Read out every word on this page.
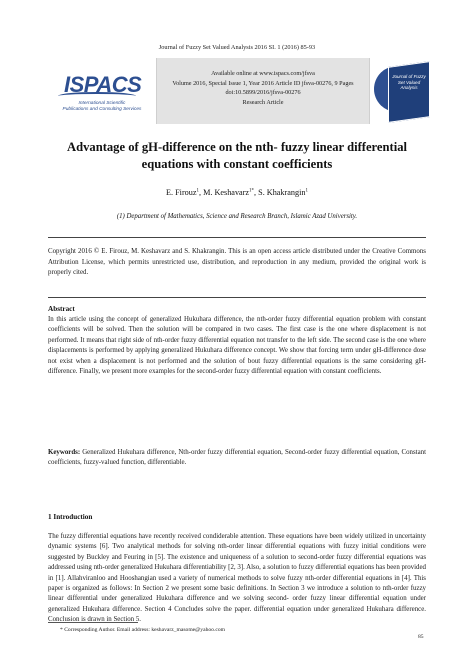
Journal of Fuzzy Set Valued Analysis 2016 SI. 1 (2016) 85-93
ISPACS
International Scientific
Publications and Consulting Services
Available online at www.ispacs.com/jfsva
Volume 2016, Special Issue 1, Year 2016 Article ID jfsva-00276, 9 Pages
doi:10.5899/2016/jfsva-00276
Research Article
Journal of Fuzzy Set Valued Analysis
Advantage of gH-difference on the nth- fuzzy linear differential equations with constant coefficients
E. Firouz$^1$, M. Keshavarz$^{1*}$, S. Khakrangin$^1$
(1) Department of Mathematics, Science and Research Branch, Islamic Azad University.
Copyright 2016 © E. Firouz, M. Keshavarz and S. Khakrangin. This is an open access article distributed under the Creative Commons Attribution License, which permits unrestricted use, distribution, and reproduction in any medium, provided the original work is properly cited.
Abstract
In this article using the concept of generalized Hukuhara difference, the nth-order fuzzy differential equation problem with constant coefficients will be solved. Then the solution will be compared in two cases. The first case is the one where displacement is not performed. It means that right side of nth-order fuzzy differential equation not transfer to the left side. The second case is the one where displacements is performed by applying generalized Hukuhara difference concept. We show that forcing term under gH-difference dose not exist when a displacement is not performed and the solution of bout fuzzy differential equations is the same considering gH- difference. Finally, we present more examples for the second-order fuzzy differential equation with constant coefficients.
Keywords: Generalized Hukuhara difference, Nth-order fuzzy differential equation, Second-order fuzzy differential equation, Constant coefficients, fuzzy-valued function, differentiable.
1 Introduction
The fuzzy differential equations have recently received condiderable attention. These equations have been widely utilized in uncertainty dynamic systems [6]. Two analytical methods for solving nth-order linear differential equations with fuzzy initial conditions were suggested by Buckley and Feuring in [5]. The existence and uniqueness of a solution to second-order fuzzy differential equations was addressed using nth-order generalized Hukuhara differentiability [2, 3]. Also, a solution to fuzzy differential equations has been provided in [1]. Allahviranloo and Hooshangian used a variety of numerical methods to solve fuzzy nth-order differential equations in [4]. This paper is organized as follows: In Section 2 we present some basic definitions. In Section 3 we introduce a solution to nth-order fuzzy linear differential under generalized Hukuhara difference and we solving second- order fuzzy linear differential equation under generalized Hukuhara difference. Section 4 Concludes solve the paper. differential equation under generalized Hukuhara difference. Conclusion is drawn in Section 5.
* Corresponding Author. Email address: keshavarz_masome@yahoo.com
85
